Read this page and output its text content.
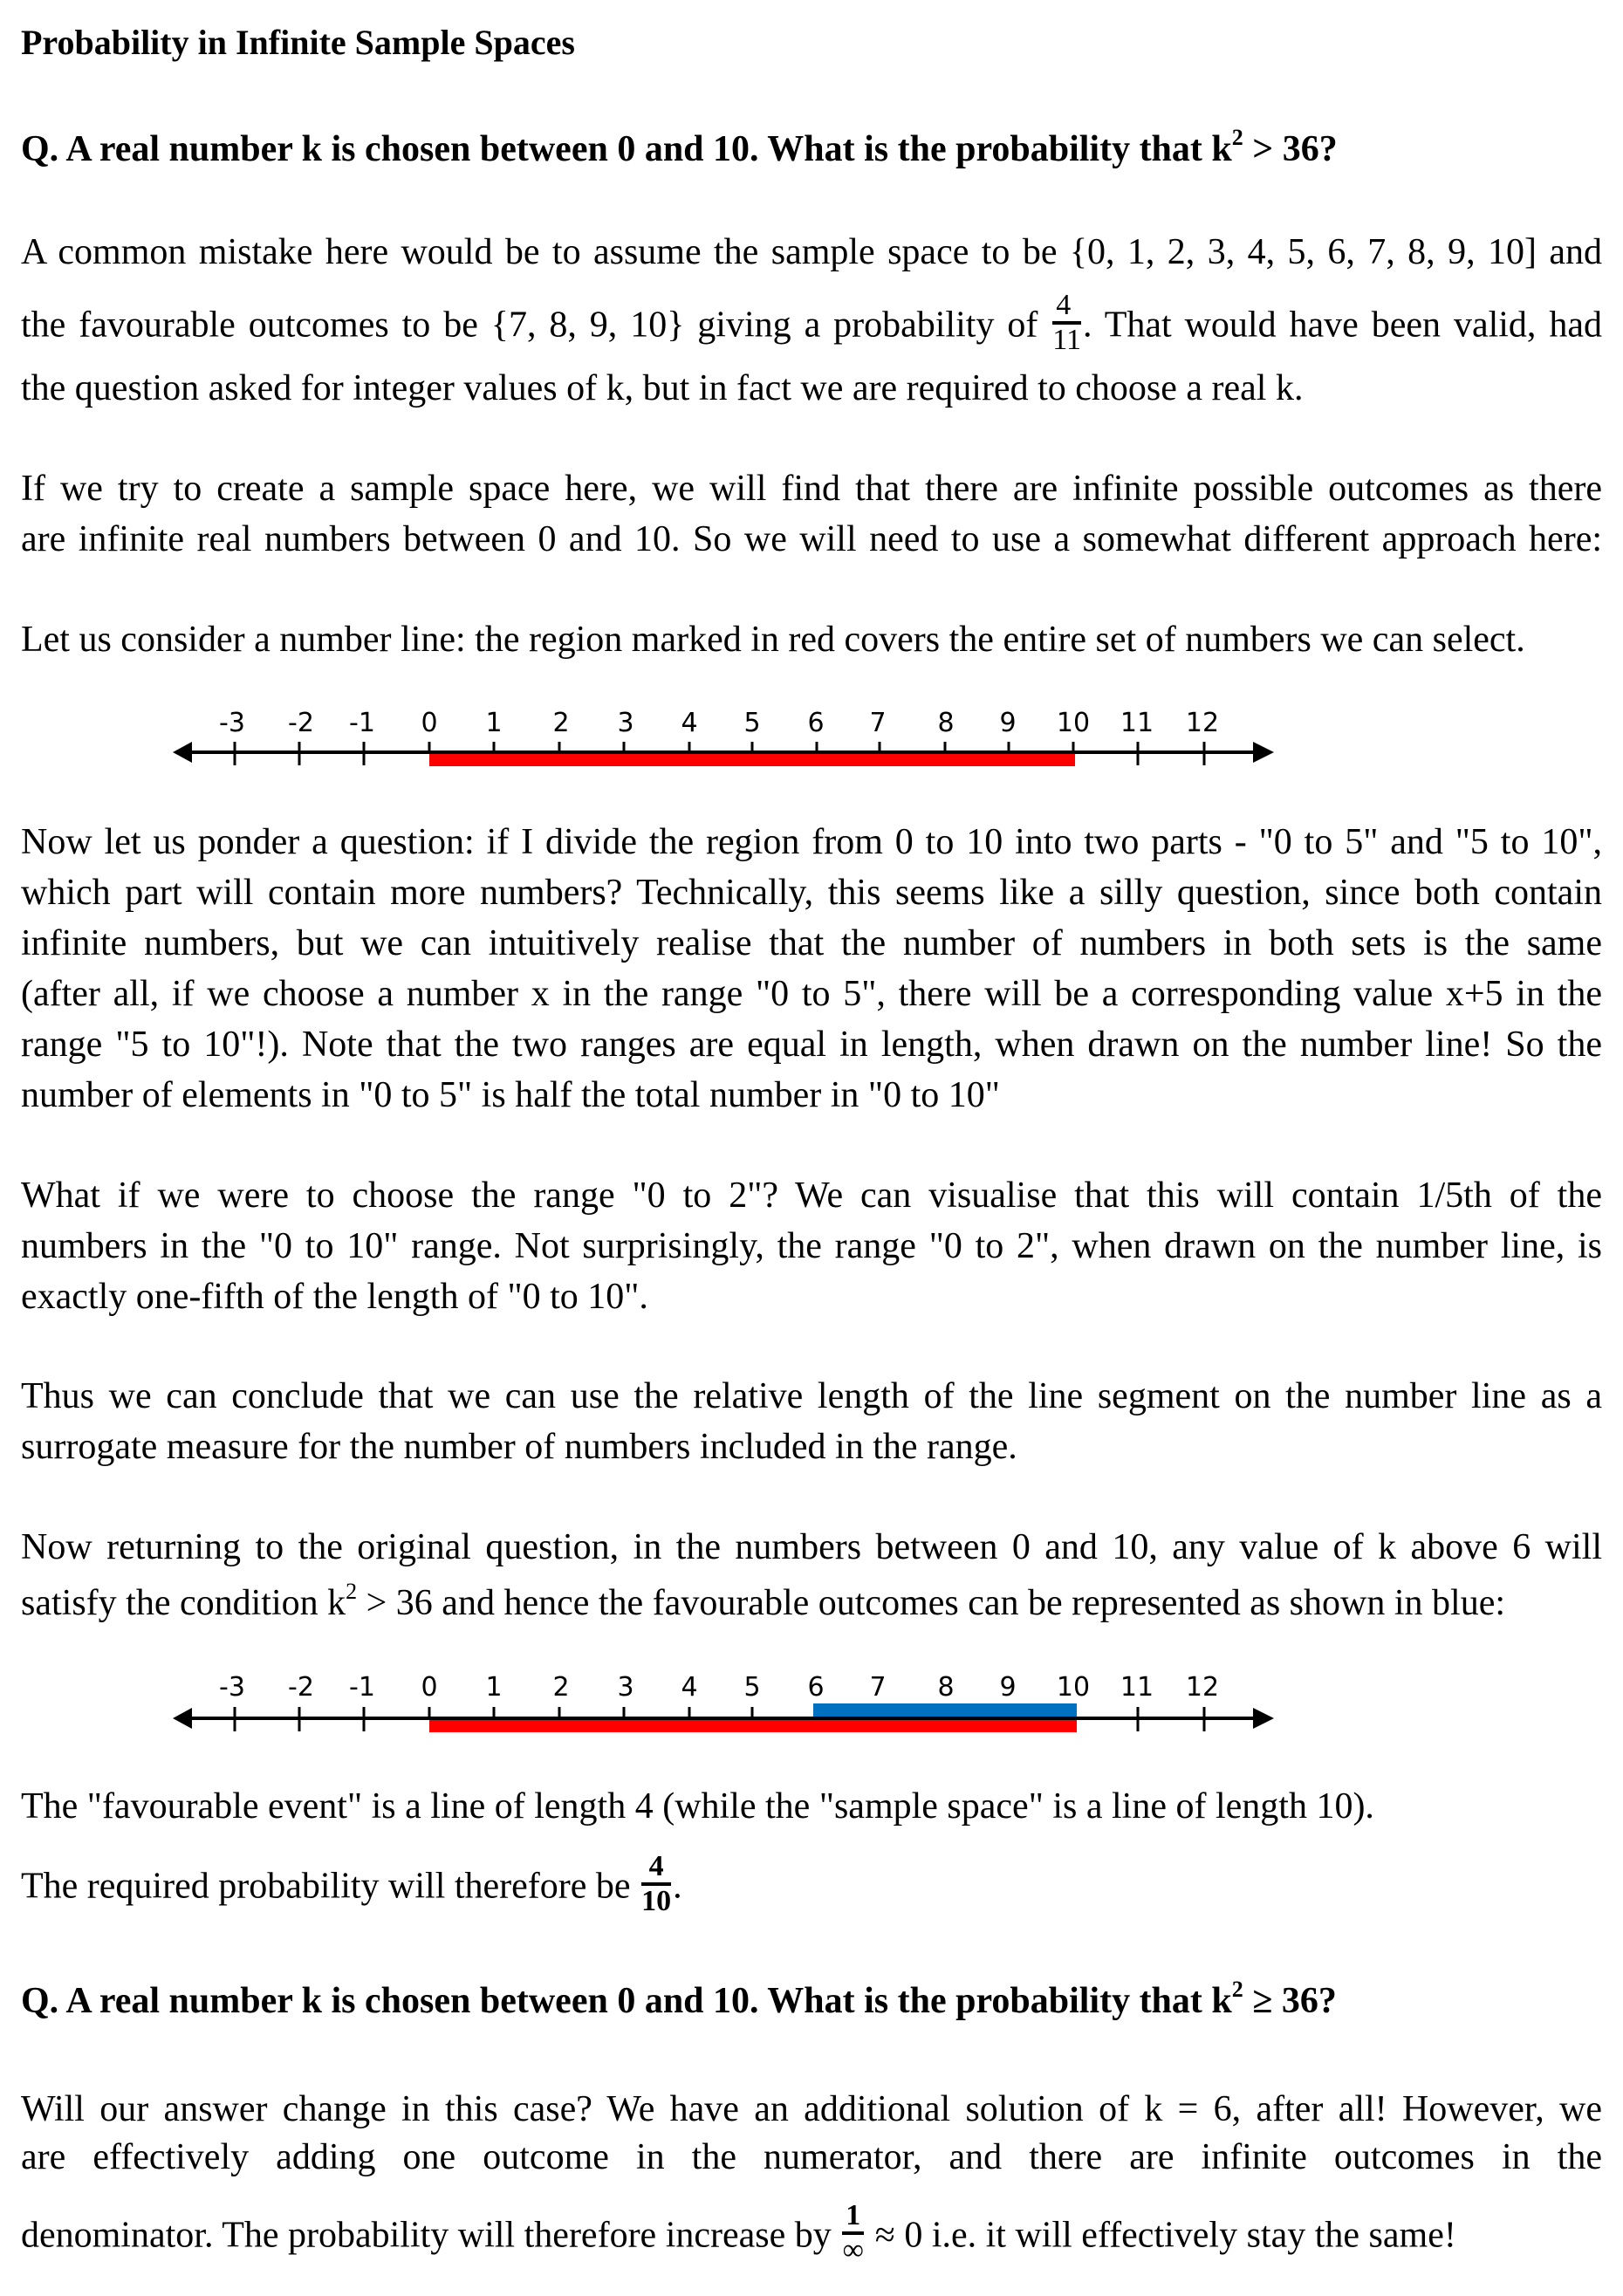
Probability in Infinite Sample Spaces
Q. A real number k is chosen between 0 and 10. What is the probability that $k^2 > 36$?
A common mistake here would be to assume the sample space to be {0, 1, 2, 3, 4, 5, 6, 7, 8, 9, 10] and
the favourable outcomes to be {7, 8, 9, 10} giving a probability of $\frac{4}{11}$ . That would have been valid, had
the question asked for integer values of k, but in fact we are required to choose a real k.
If we try to create a sample space here, we will find that there are infinite possible outcomes as there
are infinite real numbers between 0 and 10. So we will need to use a somewhat different approach here:
Let us consider a number line: the region marked in red covers the entire set of numbers we can select.
-3 -2 -1 0 1 2 3 4 5 6 7 8 9 10 11 12
Now let us ponder a question: if I divide the region from 0 to 10 into two parts - "0 to 5" and "5 to 10",
which part will contain more numbers? Technically, this seems like a silly question, since both contain
infinite numbers, but we can intuitively realise that the number of numbers in both sets is the same
(after all, if we choose a number x in the range "0 to 5", there will be a corresponding value x+5 in the
range "5 to 10"!). Note that the two ranges are equal in length, when drawn on the number line! So the
number of elements in "0 to 5" is half the total number in "0 to 10"
What if we were to choose the range "0 to 2"? We can visualise that this will contain 1/5th of the
numbers in the "0 to 10" range. Not surprisingly, the range "0 to 2", when drawn on the number line, is
exactly one-fifth of the length of "0 to 10".
Thus we can conclude that we can use the relative length of the line segment on the number line as a
surrogate measure for the number of numbers included in the range.
Now returning to the original question, in the numbers between 0 and 10, any value of k above 6 will
satisfy the condition $k^2 > 36$ and hence the favourable outcomes can be represented as shown in blue:
-3 -2 -1 0 1 2 3 4 5 6 7 8 9 10 11 12
The "favourable event" is a line of length 4 (while the "sample space" is a line of length 10).
The required probability will therefore be $\frac{4}{10}$ .
Q. A real number k is chosen between 0 and 10. What is the probability that $k^2 \ge 36$?
Will our answer change in this case? We have an additional solution of k = 6, after all! However, we
are effectively adding one outcome in the numerator, and there are infinite outcomes in the
denominator. The probability will therefore increase by $\frac{1}{\infty} \approx 0$ i.e. it will effectively stay the same!
